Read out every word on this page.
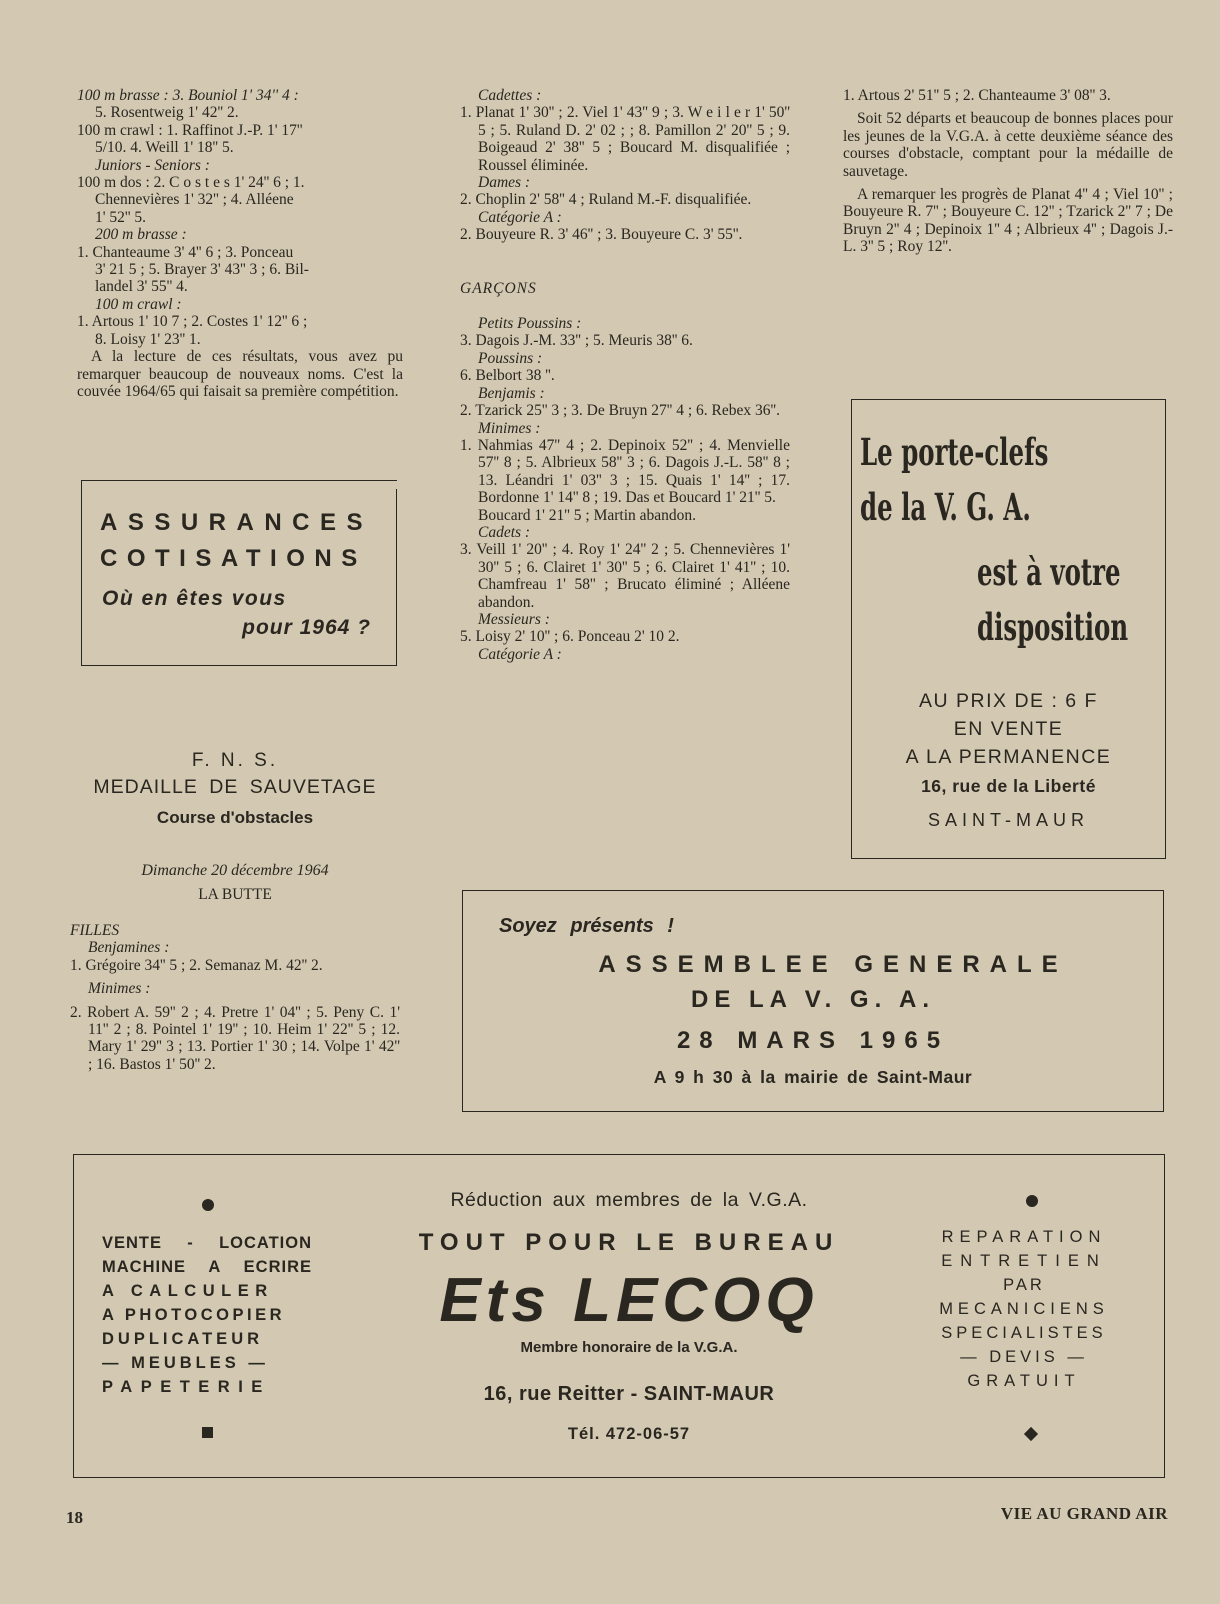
100 m brasse : 3. Bouniol 1' 34'' 4 :

5. Rosentweig 1' 42'' 2.

100 m crawl : 1. Raffinot J.-P. 1' 17''

5/10. 4. Weill 1' 18'' 5.

Juniors - Seniors :

100 m dos : 2. C o s t e s 1' 24'' 6 ; 1.

Chennevières 1' 32'' ; 4. Alléene

1' 52'' 5.

200 m brasse :

1. Chanteaume 3' 4'' 6 ; 3. Ponceau

3' 21 5 ; 5. Brayer 3' 43'' 3 ; 6. Bil-

landel 3' 55'' 4.

100 m crawl :

1. Artous 1' 10 7 ; 2. Costes 1' 12'' 6 ;

8. Loisy 1' 23'' 1.

A la lecture de ces résultats, vous avez pu remarquer beaucoup de nouveaux noms. C'est la couvée 1964/65 qui faisait sa première compétition.

ASSURANCES
COTISATIONS
Où en êtes vous
pour 1964 ?
F. N. S.
MEDAILLE DE SAUVETAGE
Course d'obstacles
Dimanche 20 décembre 1964
LA BUTTE

FILLES

Benjamines :

1. Grégoire 34'' 5 ; 2. Semanaz M. 42'' 2.

Minimes :

2. Robert A. 59'' 2 ; 4. Pretre 1' 04'' ; 5. Peny C. 1' 11'' 2 ; 8. Pointel 1' 19'' ; 10. Heim 1' 22'' 5 ; 12. Mary 1' 29'' 3 ; 13. Portier 1' 30 ; 14. Volpe 1' 42'' ; 16. Bastos 1' 50'' 2.

Cadettes :

1. Planat 1' 30'' ; 2. Viel 1' 43'' 9 ; 3. W e i l e r 1' 50'' 5 ; 5. Ruland D. 2' 02 ; ; 8. Pamillon 2' 20'' 5 ; 9. Boigeaud 2' 38'' 5 ; Boucard M. disqualifiée ; Roussel éliminée.

Dames :

2. Choplin 2' 58'' 4 ; Ruland M.-F. disqualifiée.

Catégorie A :

2. Bouyeure R. 3' 46'' ; 3. Bouyeure C. 3' 55''.

GARÇONS

Petits Poussins :

3. Dagois J.-M. 33'' ; 5. Meuris 38'' 6.

Poussins :

6. Belbort 38 ''.

Benjamis :

2. Tzarick 25'' 3 ; 3. De Bruyn 27'' 4 ; 6. Rebex 36''.

Minimes :

1. Nahmias 47'' 4 ; 2. Depinoix 52'' ; 4. Menvielle 57'' 8 ; 5. Albrieux 58'' 3 ; 6. Dagois J.-L. 58'' 8 ; 13. Léandri 1' 03'' 3 ; 15. Quais 1' 14'' ; 17. Bordonne 1' 14'' 8 ; 19. Das et Boucard 1' 21'' 5.

Boucard 1' 21'' 5 ; Martin abandon.

Cadets :

3. Veill 1' 20'' ; 4. Roy 1' 24'' 2 ; 5. Chennevières 1' 30'' 5 ; 6. Clairet 1' 30'' 5 ; 6. Clairet 1' 41'' ; 10. Chamfreau 1' 58'' ; Brucato éliminé ; Alléene abandon.

Messieurs :

5. Loisy 2' 10'' ; 6. Ponceau 2' 10 2.

Catégorie A :

1. Artous 2' 51'' 5 ; 2. Chanteaume 3' 08'' 3.

Soit 52 départs et beaucoup de bonnes places pour les jeunes de la V.G.A. à cette deuxième séance des courses d'obstacle, comptant pour la médaille de sauvetage.

A remarquer les progrès de Planat 4'' 4 ; Viel 10'' ; Bouyeure R. 7'' ; Bouyeure C. 12'' ; Tzarick 2'' 7 ; De Bruyn 2'' 4 ; Depinoix 1'' 4 ; Albrieux 4'' ; Dagois J.-L. 3'' 5 ; Roy 12''.

Le porte-clefs
de la V. G. A.
est à votre
disposition
AU PRIX DE : 6 F
EN VENTE
A LA PERMANENCE
16, rue de la Liberté
SAINT-MAUR
Soyez présents !
ASSEMBLEE GENERALE
DE LA V. G. A.
28 MARS 1965
A 9 h 30 à la mairie de Saint-Maur
VENTE - LOCATION
MACHINE A ECRIRE
A CALCULER
A PHOTOCOPIER
DUPLICATEUR
— MEUBLES —
PAPETERIE
Réduction aux membres de la V.G.A.
TOUT POUR LE BUREAU
Ets LECOQ
Membre honoraire de la V.G.A.
16, rue Reitter - SAINT-MAUR
Tél. 472-06-57
REPARATION
ENTRETIEN
PAR
MECANICIENS
SPECIALISTES
— DEVIS —
GRATUIT
18	VIE AU GRAND AIR
